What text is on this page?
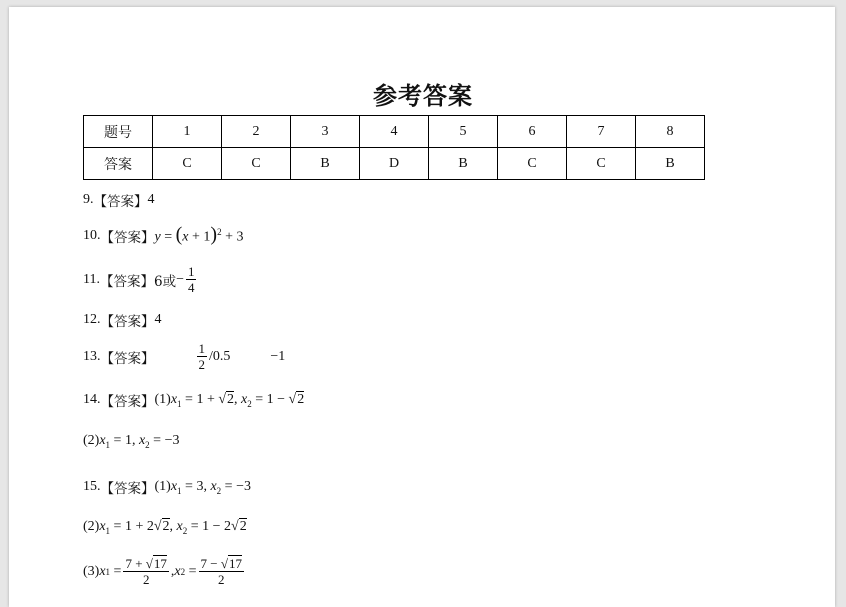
参考答案
题号	1	2	3	4	5	6	7	8
答案	C	C	B	D	B	C	C	B
9. 【答案】 4
10. 【答案】 $y = (x + 1)^2 + 3$
11. 【答案】 6或 − $\frac{1}{4}$
12. 【答案】 4
13. 【答案】	$\frac{1}{2} /0.5$	−1
14. 【答案】 (1) $x_1 = 1 + √2$, $x_2 = 1 - √2$
(2) $x_1 = 1$, $x_2 = -3$
15. 【答案】 (1) $x_1 = 3$, $x_2 = -3$
(2) $x_1 = 1 + 2√2$, $x_2 = 1 - 2√2$
(3) x $1 = \frac{7 + √17}{2}$ , x $2 = \frac{7 - √17}{2}$
